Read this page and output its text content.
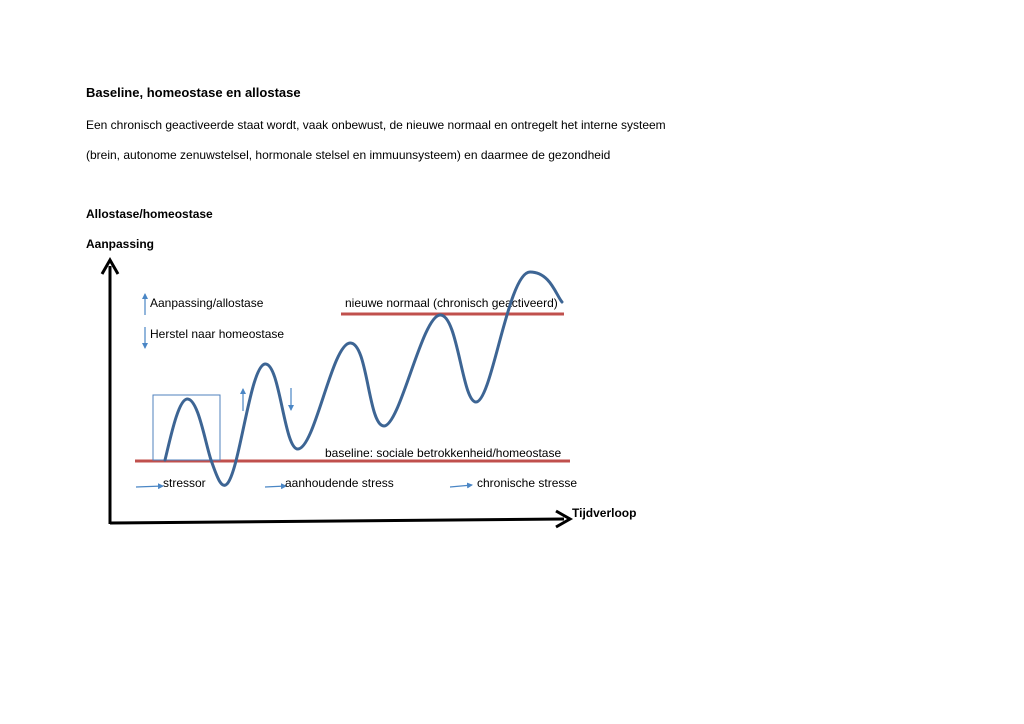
Baseline, homeostase en allostase
Een chronisch geactiveerde staat wordt, vaak onbewust, de nieuwe normaal en ontregelt het interne systeem
(brein, autonome zenuwstelsel, hormonale stelsel en immuunsysteem) en daarmee de gezondheid
Allostase/homeostase
Aanpassing
Tijdverloop
Aanpassing/allostase
Herstel naar homeostase
nieuwe normaal (chronisch geactiveerd)
baseline: sociale betrokkenheid/homeostase
stressor	aanhoudende stress	chronische stresse
